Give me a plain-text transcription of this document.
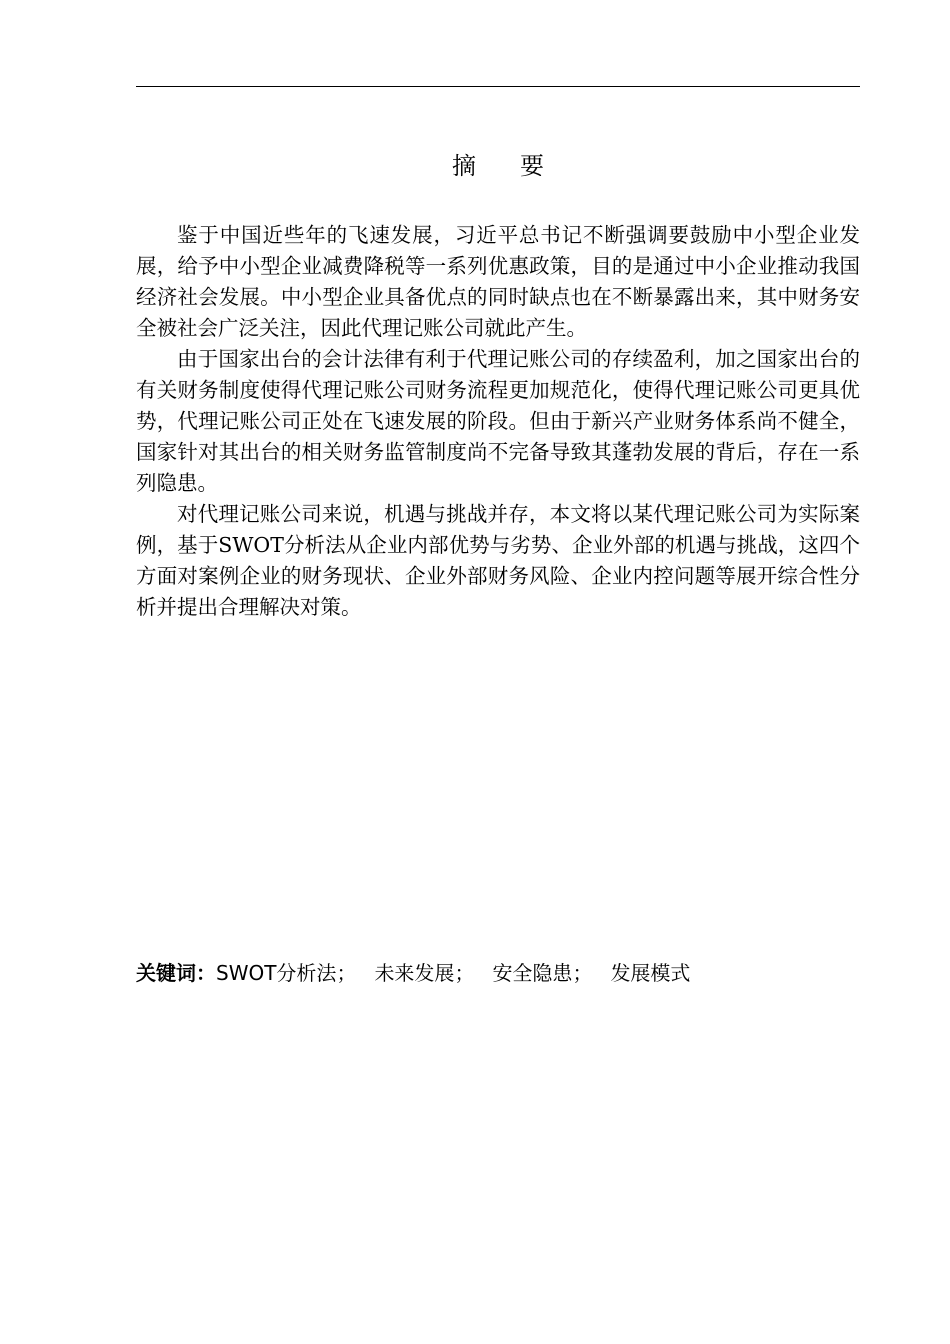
摘要

鉴于中国近些年的飞速发展，习近平总书记不断强调要鼓励中小型企业发展，给予中小型企业减费降税等一系列优惠政策，目的是通过中小企业推动我国经济社会发展。中小型企业具备优点的同时缺点也在不断暴露出来，其中财务安全被社会广泛关注，因此代理记账公司就此产生。

由于国家出台的会计法律有利于代理记账公司的存续盈利，加之国家出台的有关财务制度使得代理记账公司财务流程更加规范化，使得代理记账公司更具优势，代理记账公司正处在飞速发展的阶段。但由于新兴产业财务体系尚不健全，国家针对其出台的相关财务监管制度尚不完备导致其蓬勃发展的背后，存在一系列隐患。

对代理记账公司来说，机遇与挑战并存，本文将以某代理记账公司为实际案例，基于SWOT分析法从企业内部优势与劣势、企业外部的机遇与挑战，这四个方面对案例企业的财务现状、企业外部财务风险、企业内控问题等展开综合性分析并提出合理解决对策。

关键词：SWOT分析法； 未来发展； 安全隐患； 发展模式
